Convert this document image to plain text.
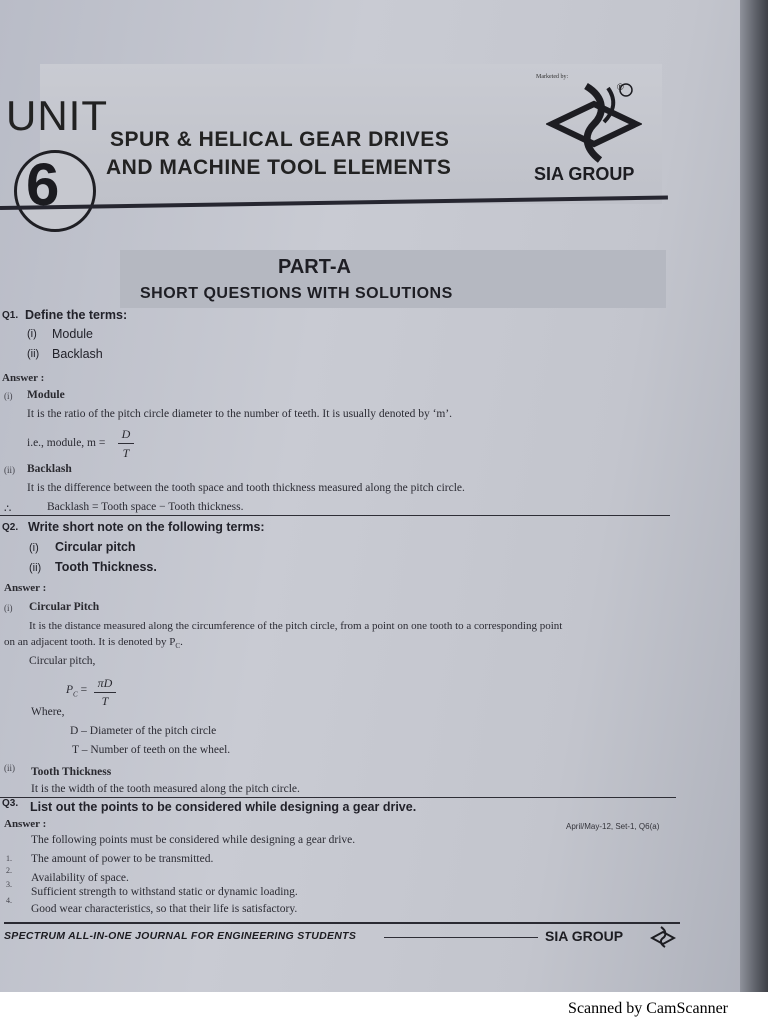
UNIT
6
SPUR & HELICAL GEAR DRIVES
AND MACHINE TOOL ELEMENTS
Marketed by:
®
SIA GROUP
PART-A
SHORT QUESTIONS WITH SOLUTIONS
Q1. Define the terms:
(i) Module
(ii) Backlash
Answer :
(i) Module
It is the ratio of the pitch circle diameter to the number of teeth. It is usually denoted by ‘m’.
i.e., module, m =
D
T
(ii) Backlash
It is the difference between the tooth space and tooth thickness measured along the pitch circle.
∴	Backlash = Tooth space − Tooth thickness.
Q2. Write short note on the following terms:
(i) Circular pitch
(ii) Tooth Thickness.
Answer :
(i) Circular Pitch
It is the distance measured along the circumference of the pitch circle, from a point on one tooth to a corresponding point
on an adjacent tooth. It is denoted by $P_C$.
Circular pitch,
$P_C = \pi D$
T
Where,
D – Diameter of the pitch circle
T – Number of teeth on the wheel.
(ii) Tooth Thickness
It is the width of the tooth measured along the pitch circle.
Q3. List out the points to be considered while designing a gear drive.
Answer :	April/May-12, Set-1, Q6(a)
The following points must be considered while designing a gear drive.
1. The amount of power to be transmitted.
2.
Availability of space.
3.
Sufficient strength to withstand static or dynamic loading.
4.
Good wear characteristics, so that their life is satisfactory.
SPECTRUM ALL-IN-ONE JOURNAL FOR ENGINEERING STUDENTS	SIA GROUP
Scanned by CamScanner
